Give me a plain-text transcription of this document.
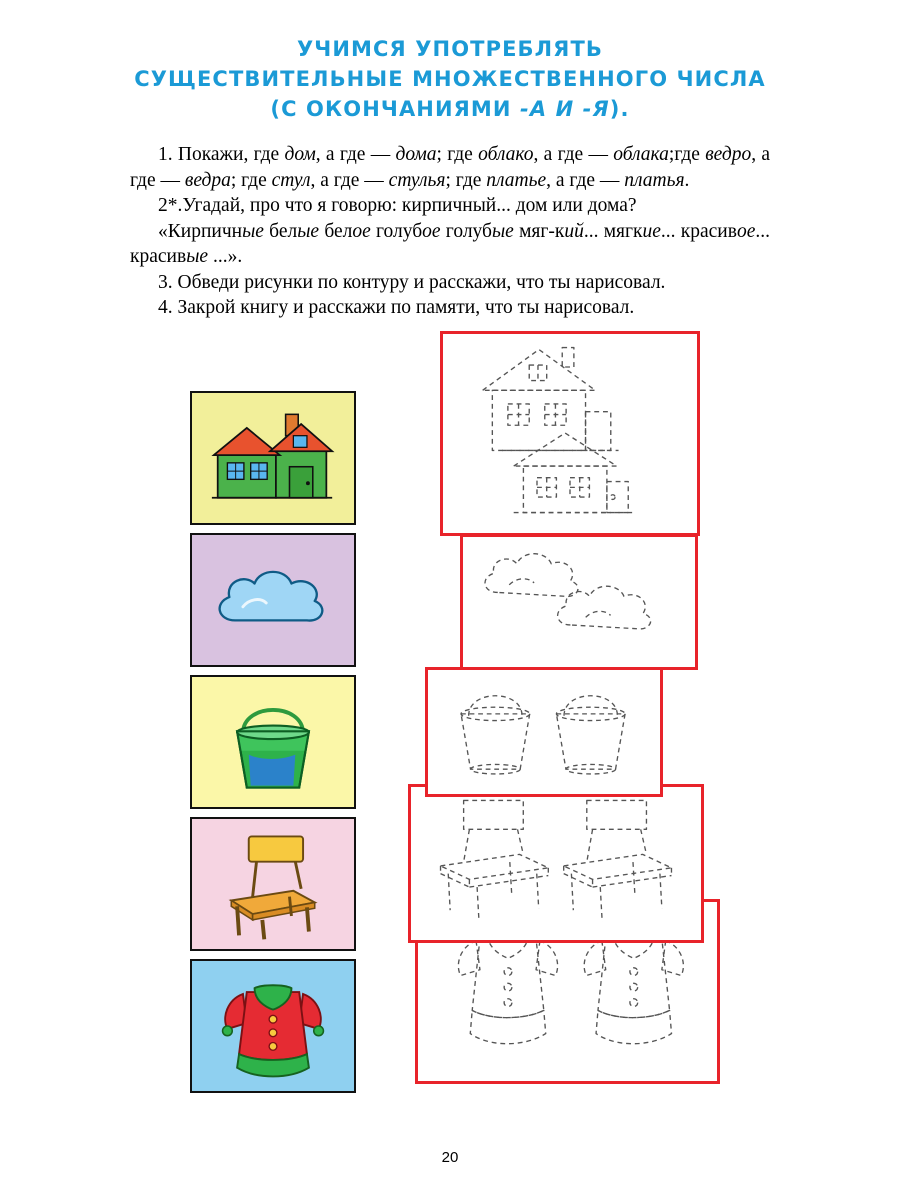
УЧИМСЯ УПОТРЕБЛЯТЬ
СУЩЕСТВИТЕЛЬНЫЕ МНОЖЕСТВЕННОГО ЧИСЛА
(С ОКОНЧАНИЯМИ -А И -Я).

1. Покажи, где дом, а где — дома; где облако, а где — облака;где ведро, а где — ведра; где стул, а где — стулья; где платье, а где — платья.

2*.Угадай, про что я говорю: кирпичный... дом или дома?

«Кирпичные белые белое голубое голубые мяг-кий... мягкие... красивое... красивые ...».

3. Обведи рисунки по контуру и расскажи, что ты нарисовал.

4. Закрой книгу и расскажи по памяти, что ты нарисовал.

20
